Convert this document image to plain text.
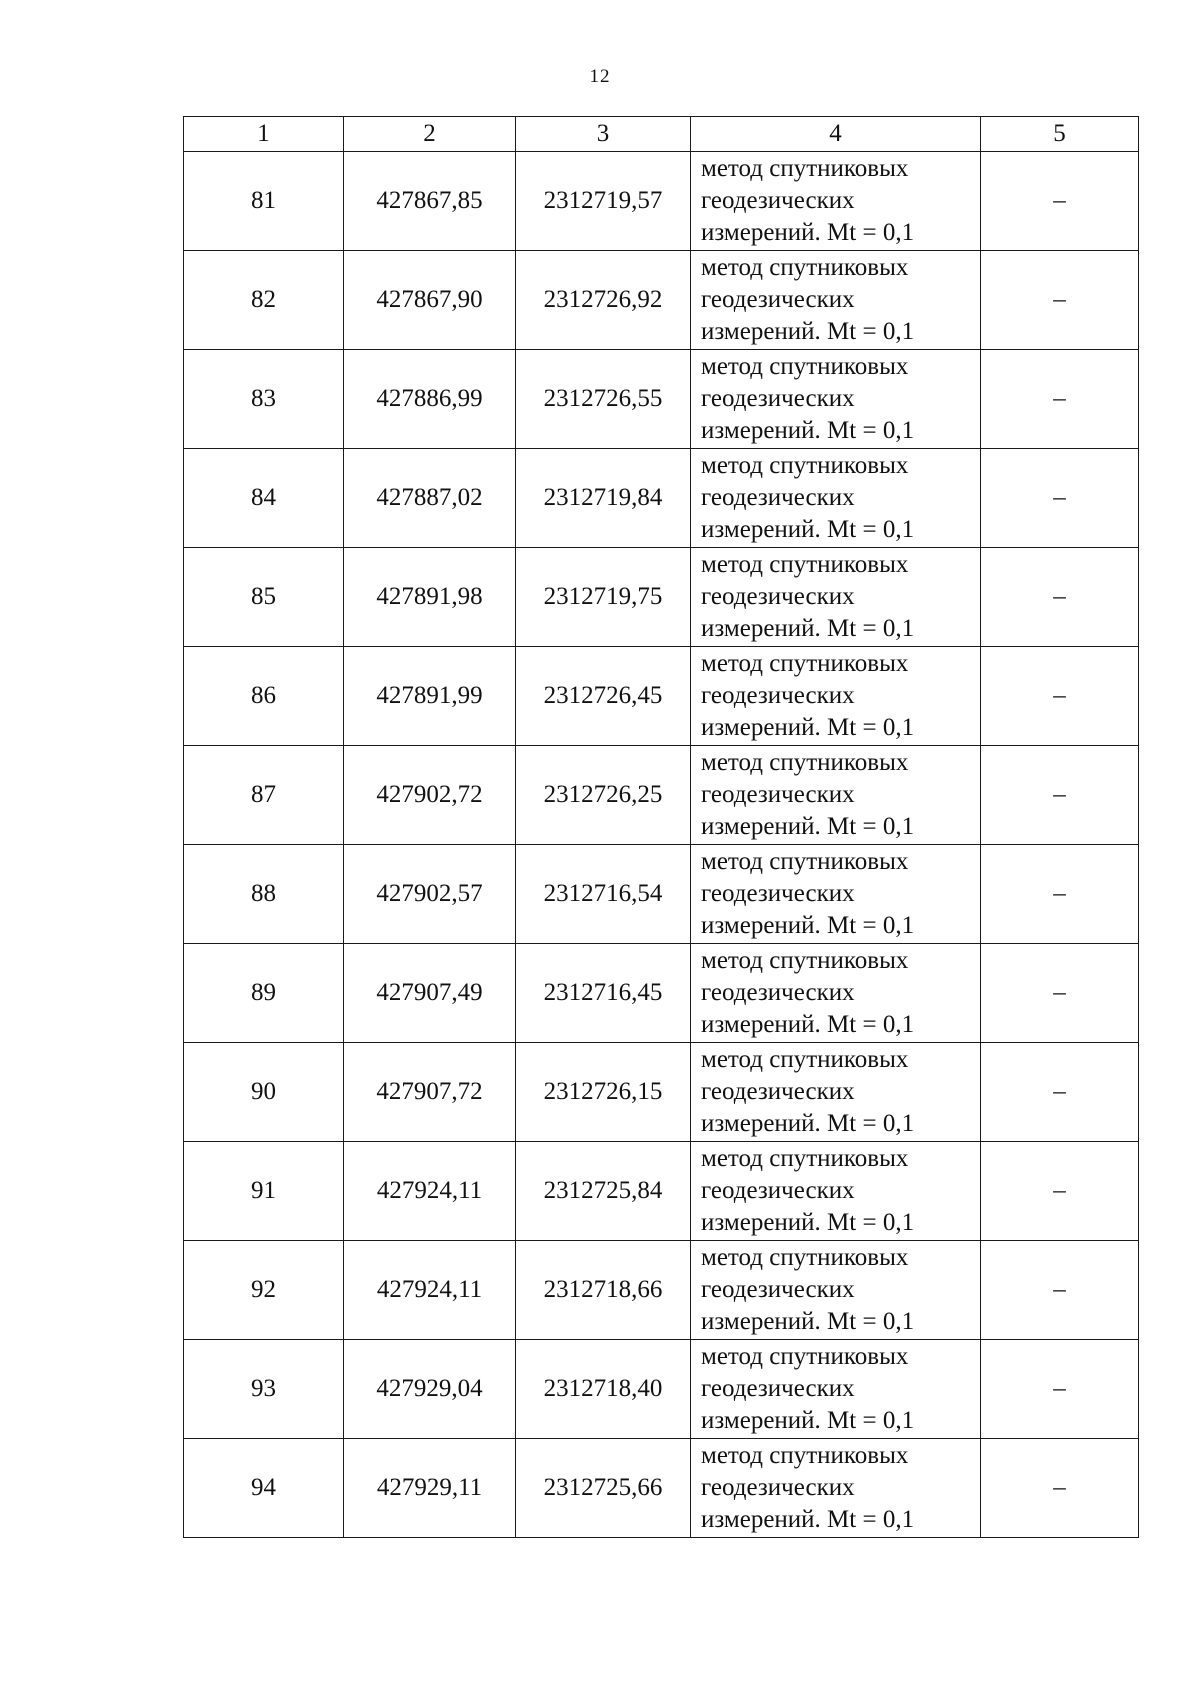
12
1	2	3	4	5
81	427867,85	2312719,57	метод спутниковых
геодезических
измерений. Mt = 0,1	–
82	427867,90	2312726,92	метод спутниковых
геодезических
измерений. Mt = 0,1	–
83	427886,99	2312726,55	метод спутниковых
геодезических
измерений. Mt = 0,1	–
84	427887,02	2312719,84	метод спутниковых
геодезических
измерений. Mt = 0,1	–
85	427891,98	2312719,75	метод спутниковых
геодезических
измерений. Mt = 0,1	–
86	427891,99	2312726,45	метод спутниковых
геодезических
измерений. Mt = 0,1	–
87	427902,72	2312726,25	метод спутниковых
геодезических
измерений. Mt = 0,1	–
88	427902,57	2312716,54	метод спутниковых
геодезических
измерений. Mt = 0,1	–
89	427907,49	2312716,45	метод спутниковых
геодезических
измерений. Mt = 0,1	–
90	427907,72	2312726,15	метод спутниковых
геодезических
измерений. Mt = 0,1	–
91	427924,11	2312725,84	метод спутниковых
геодезических
измерений. Mt = 0,1	–
92	427924,11	2312718,66	метод спутниковых
геодезических
измерений. Mt = 0,1	–
93	427929,04	2312718,40	метод спутниковых
геодезических
измерений. Mt = 0,1	–
94	427929,11	2312725,66	метод спутниковых
геодезических
измерений. Mt = 0,1	–
